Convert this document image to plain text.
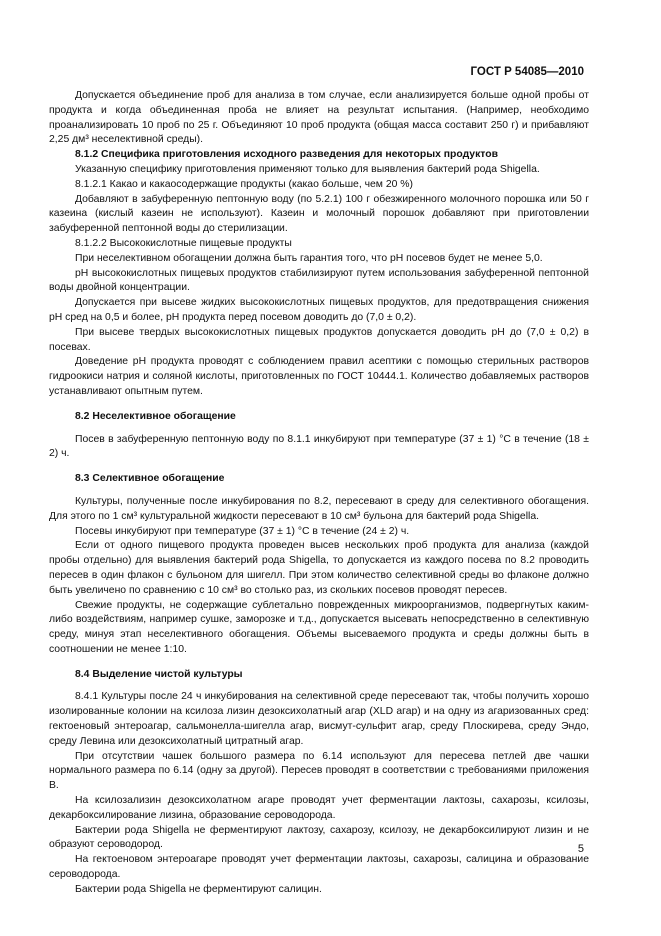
ГОСТ Р 54085—2010

Допускается объединение проб для анализа в том случае, если анализируется больше одной пробы от продукта и когда объединенная проба не влияет на результат испытания. (Например, необходимо проанализировать 10 проб по 25 г. Объединяют 10 проб продукта (общая масса составит 250 г) и прибавляют 2,25 дм³ неселективной среды).

8.1.2 Специфика приготовления исходного разведения для некоторых продуктов

Указанную специфику приготовления применяют только для выявления бактерий рода Shigella.

8.1.2.1 Какао и какаосодержащие продукты (какао больше, чем 20 %)

Добавляют в забуференную пептонную воду (по 5.2.1) 100 г обезжиренного молочного порошка или 50 г казеина (кислый казеин не используют). Казеин и молочный порошок добавляют при приготовлении забуференной пептонной воды до стерилизации.

8.1.2.2 Высококислотные пищевые продукты

При неселективном обогащении должна быть гарантия того, что pH посевов будет не менее 5,0.

pH высококислотных пищевых продуктов стабилизируют путем использования забуференной пептонной воды двойной концентрации.

Допускается при высеве жидких высококислотных пищевых продуктов, для предотвращения снижения pH сред на 0,5 и более, pH продукта перед посевом доводить до (7,0 ± 0,2).

При высеве твердых высококислотных пищевых продуктов допускается доводить pH до (7,0 ± 0,2) в посевах.

Доведение pH продукта проводят с соблюдением правил асептики с помощью стерильных растворов гидроокиси натрия и соляной кислоты, приготовленных по ГОСТ 10444.1. Количество добавляемых растворов устанавливают опытным путем.

8.2 Неселективное обогащение

Посев в забуференную пептонную воду по 8.1.1 инкубируют при температуре (37 ± 1) °С в течение (18 ± 2) ч.

8.3 Селективное обогащение

Культуры, полученные после инкубирования по 8.2, пересевают в среду для селективного обогащения. Для этого по 1 см³ культуральной жидкости пересевают в 10 см³ бульона для бактерий рода Shigella.

Посевы инкубируют при температуре (37 ± 1) °С в течение (24 ± 2) ч.

Если от одного пищевого продукта проведен высев нескольких проб продукта для анализа (каждой пробы отдельно) для выявления бактерий рода Shigella, то допускается из каждого посева по 8.2 проводить пересев в один флакон с бульоном для шигелл. При этом количество селективной среды во флаконе должно быть увеличено по сравнению с 10 см³ во столько раз, из скольких посевов проводят пересев.

Свежие продукты, не содержащие сублетально поврежденных микроорганизмов, подвергнутых каким-либо воздействиям, например сушке, заморозке и т.д., допускается высевать непосредственно в селективную среду, минуя этап неселективного обогащения. Объемы высеваемого продукта и среды должны быть в соотношении не менее 1:10.

8.4 Выделение чистой культуры

8.4.1 Культуры после 24 ч инкубирования на селективной среде пересевают так, чтобы получить хорошо изолированные колонии на ксилоза лизин дезоксихолатный агар (XLD агар) и на одну из агаризованных сред: гектоеновый энтероагар, сальмонелла-шигелла агар, висмут-сульфит агар, среду Плоскирева, среду Эндо, среду Левина или дезоксихолатный цитратный агар.

При отсутствии чашек большого размера по 6.14 используют для пересева петлей две чашки нормального размера по 6.14 (одну за другой). Пересев проводят в соответствии с требованиями приложения В.

На ксилозализин дезоксихолатном агаре проводят учет ферментации лактозы, сахарозы, ксилозы, декарбоксилирование лизина, образование сероводорода.

Бактерии рода Shigella не ферментируют лактозу, сахарозу, ксилозу, не декарбоксилируют лизин и не образуют сероводород.

На гектоеновом энтероагаре проводят учет ферментации лактозы, сахарозы, салицина и образование сероводорода.

Бактерии рода Shigella не ферментируют салицин.

5
